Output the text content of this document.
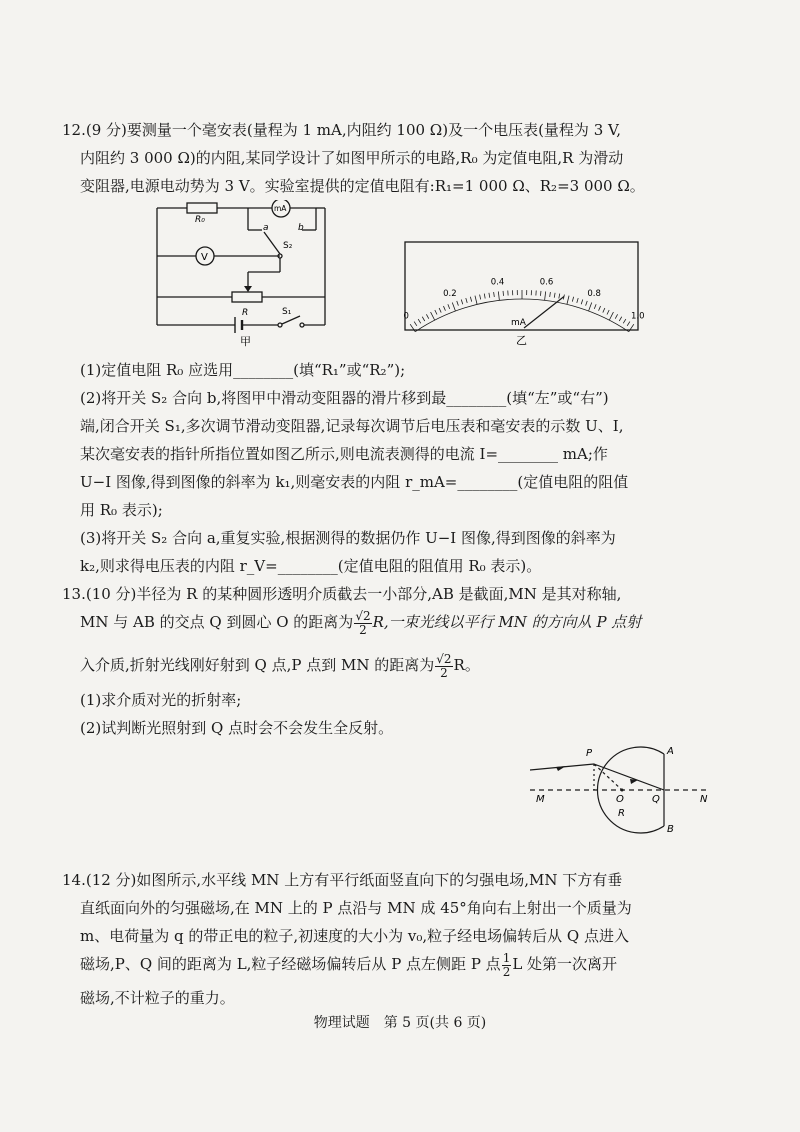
12.(9 分)要测量一个毫安表(量程为 1 mA,内阻约 100 Ω)及一个电压表(量程为 3 V,
内阻约 3 000 Ω)的内阻,某同学设计了如图甲所示的电路,R₀ 为定值电阻,R 为滑动
变阻器,电源电动势为 3 V。实验室提供的定值电阻有:R₁=1 000 Ω、R₂=3 000 Ω。
R₀
mA
V
a	b
S₂
R	S₁
甲
0
0.2
0.4	0.6
0.8
1.0
mA
乙
(1)定值电阻 R₀ 应选用________(填“R₁”或“R₂”);
(2)将开关 S₂ 合向 b,将图甲中滑动变阻器的滑片移到最________(填“左”或“右”)
端,闭合开关 S₁,多次调节滑动变阻器,记录每次调节后电压表和毫安表的示数 U、I,
某次毫安表的指针所指位置如图乙所示,则电流表测得的电流 I=________ mA;作
U−I 图像,得到图像的斜率为 k₁,则毫安表的内阻 r_mA=________(定值电阻的阻值
用 R₀ 表示);
(3)将开关 S₂ 合向 a,重复实验,根据测得的数据仍作 U−I 图像,得到图像的斜率为
k₂,则求得电压表的内阻 r_V=________(定值电阻的阻值用 R₀ 表示)。
13.(10 分)半径为 R 的某种圆形透明介质截去一小部分,AB 是截面,MN 是其对称轴,
MN 与 AB 的交点 Q 到圆心 O 的距离为 $\frac{√2}{2} R$,一束光线以平行 MN 的方向从 P 点射
入介质,折射光线刚好射到 Q 点,P 点到 MN 的距离为 $\frac{√2}{2}$ R。
(1)求介质对光的折射率;
(2)试判断光照射到 Q 点时会不会发生全反射。
P	A
B
M	N
O	Q
R
14.(12 分)如图所示,水平线 MN 上方有平行纸面竖直向下的匀强电场,MN 下方有垂
直纸面向外的匀强磁场,在 MN 上的 P 点沿与 MN 成 45°角向右上射出一个质量为
m、电荷量为 q 的带正电的粒子,初速度的大小为 v₀,粒子经电场偏转后从 Q 点进入
磁场,P、Q 间的距离为 L,粒子经磁场偏转后从 P 点左侧距 P 点 $\frac{1}{2}$ L 处第一次离开
磁场,不计粒子的重力。
物理试题　第 5 页(共 6 页)
